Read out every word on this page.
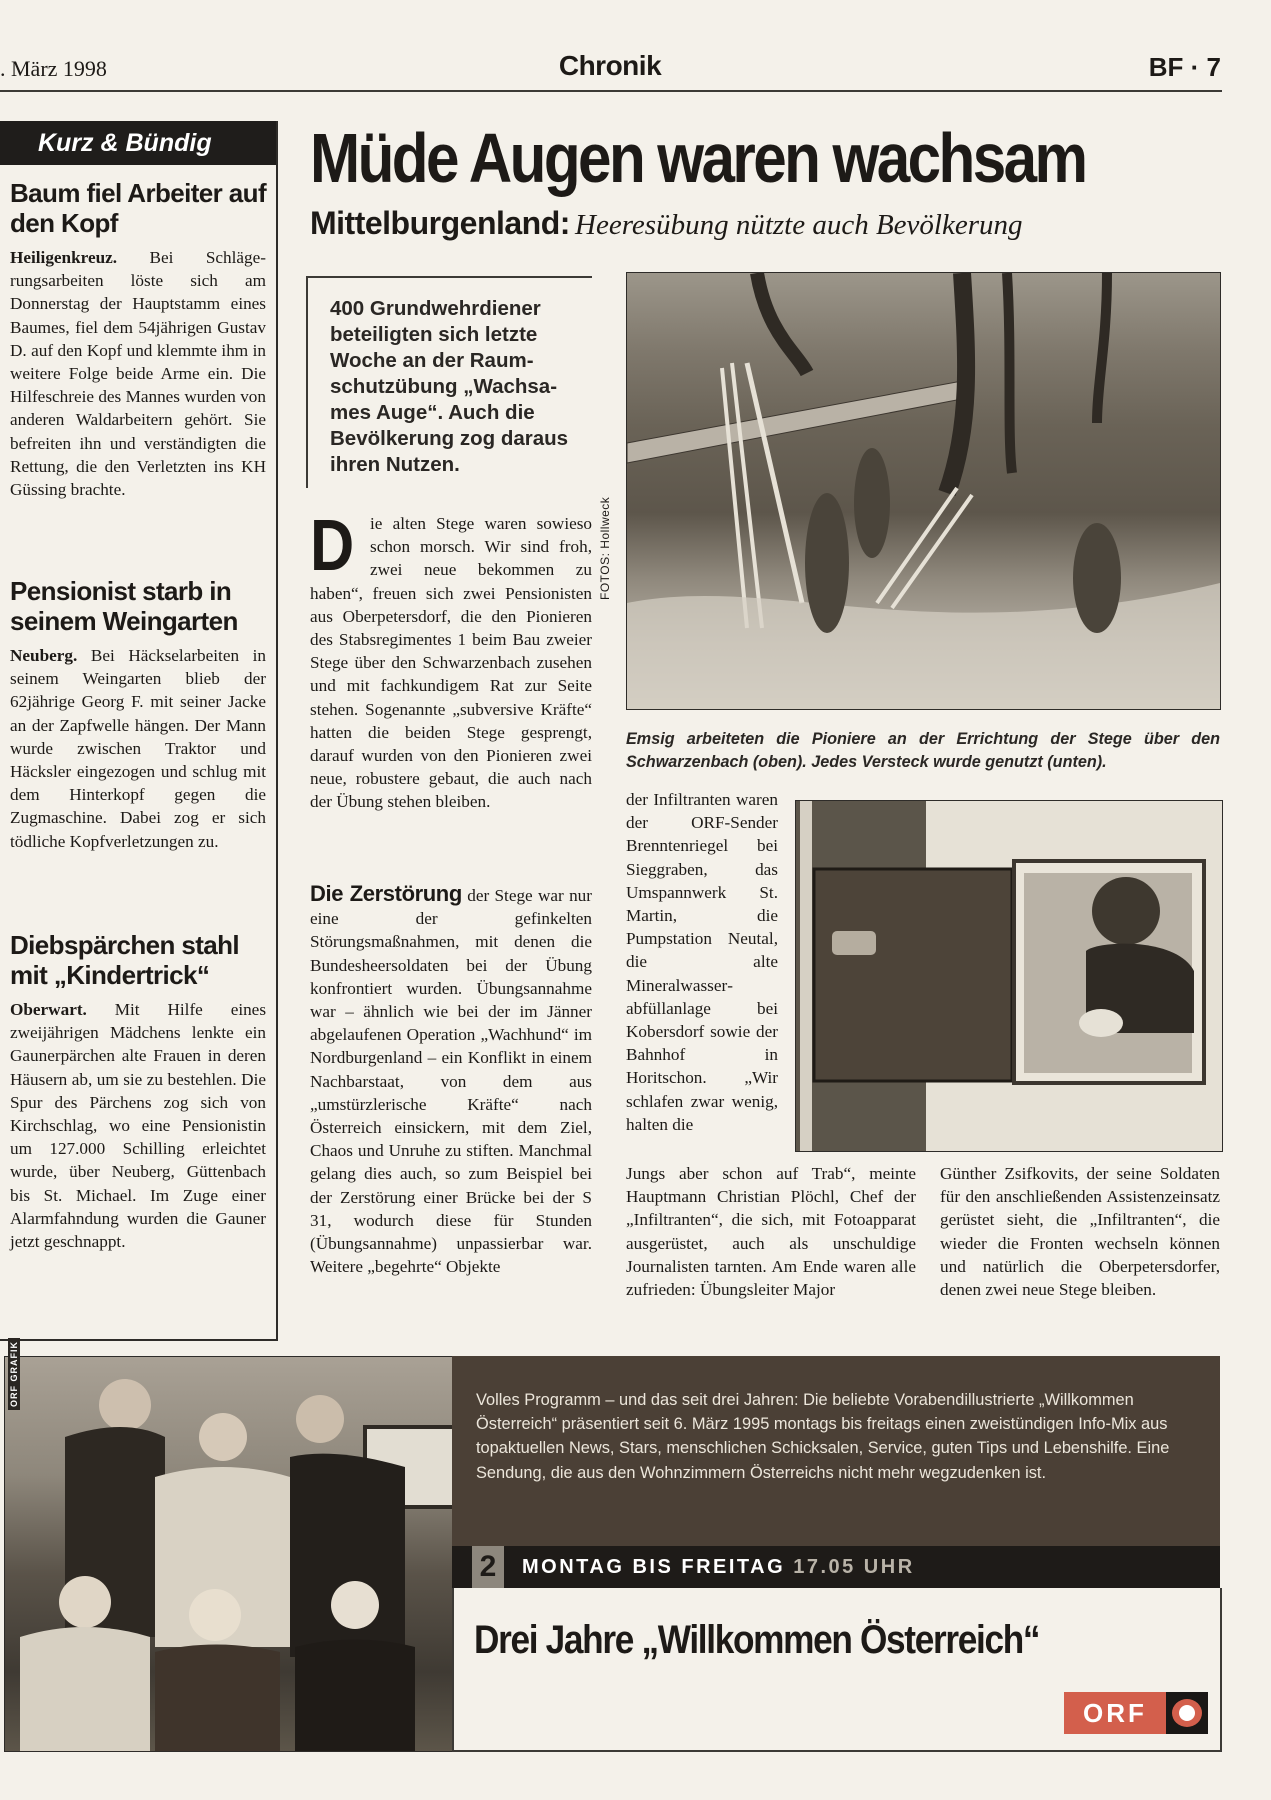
. März 1998	Chronik	BF · 7
Kurz & Bündig
Baum fiel Arbeiter auf den Kopf

Heiligenkreuz. Bei Schlägerungsarbeiten löste sich am Donnerstag der Hauptstamm eines Baumes, fiel dem 54jährigen Gustav D. auf den Kopf und klemmte ihm in weitere Folge beide Arme ein. Die Hilfeschreie des Mannes wurden von anderen Waldarbeitern gehört. Sie befreiten ihn und verständigten die Rettung, die den Verletzten ins KH Güssing brachte.

Pensionist starb in seinem Weingarten

Neuberg. Bei Häckselarbeiten in seinem Weingarten blieb der 62jährige Georg F. mit seiner Jacke an der Zapfwelle hängen. Der Mann wurde zwischen Traktor und Häcksler eingezogen und schlug mit dem Hinterkopf gegen die Zugmaschine. Dabei zog er sich tödliche Kopfverletzungen zu.

Diebspärchen stahl mit „Kindertrick“

Oberwart. Mit Hilfe eines zweijährigen Mädchens lenkte ein Gaunerpärchen alte Frauen in deren Häusern ab, um sie zu bestehlen. Die Spur des Pärchens zog sich von Kirchschlag, wo eine Pensionistin um 127.000 Schilling erleichtet wurde, über Neuberg, Güttenbach bis St. Michael. Im Zuge einer Alarmfahndung wurden die Gauner jetzt geschnappt.

Müde Augen waren wachsam
Mittelburgenland: Heeresübung nützte auch Bevölkerung
400 Grundwehrdiener beteiligten sich letzte Woche an der Raumschutzübung „Wachsames Auge“. Auch die Bevölkerung zog daraus ihren Nutzen.

Die alten Stege waren sowieso schon morsch. Wir sind froh, zwei neue bekommen zu haben“, freuen sich zwei Pensionisten aus Oberpetersdorf, die den Pionieren des Stabsregimentes 1 beim Bau zweier Stege über den Schwarzenbach zusehen und mit fachkundigem Rat zur Seite stehen. Sogenannte „subversive Kräfte“ hatten die beiden Stege gesprengt, darauf wurden von den Pionieren zwei neue, robustere gebaut, die auch nach der Übung stehen bleiben.

Die Zerstörung der Stege war nur eine der gefinkelten Störungsmaßnahmen, mit denen die Bundesheersoldaten bei der Übung konfrontiert wurden. Übungsannahme war – ähnlich wie bei der im Jänner abgelaufenen Operation „Wachhund“ im Nordburgenland – ein Konflikt in einem Nachbarstaat, von dem aus „umstürzlerische Kräfte“ nach Österreich einsickern, mit dem Ziel, Chaos und Unruhe zu stiften. Manchmal gelang dies auch, so zum Beispiel bei der Zerstörung einer Brücke bei der S 31, wodurch diese für Stunden (Übungsannahme) unpassierbar war. Weitere „begehrte“ Objekte

FOTOS: Hollweck
Emsig arbeiteten die Pioniere an der Errichtung der Stege über den Schwarzenbach (oben). Jedes Versteck wurde genutzt (unten).

der Infiltranten waren der ORF-Sender Brenntenriegel bei Sieggraben, das Umspannwerk St. Martin, die Pumpstation Neutal, die alte Mineralwasserabfüllanlage bei Kobersdorf sowie der Bahnhof in Horitschon. „Wir schlafen zwar wenig, halten die

Jungs aber schon auf Trab“, meinte Hauptmann Christian Plöchl, Chef der „Infiltranten“, die sich, mit Fotoapparat ausgerüstet, auch als unschuldige Journalisten tarnten. Am Ende waren alle zufrieden: Übungsleiter Major

Günther Zsifkovits, der seine Soldaten für den anschließenden Assistenzeinsatz gerüstet sieht, die „Infiltranten“, die wieder die Fronten wechseln können und natürlich die Oberpetersdorfer, denen zwei neue Stege bleiben.

ORF GRAFIK	Volles Programm – und das seit drei Jahren: Die beliebte Vorabendillustrierte „Willkommen Österreich“ präsentiert seit 6. März 1995 montags bis freitags einen zweistündigen Info-Mix aus topaktuellen News, Stars, menschlichen Schicksalen, Service, guten Tips und Lebenshilfe. Eine Sendung, die aus den Wohnzimmern Österreichs nicht mehr wegzudenken ist.
2	MONTAG BIS FREITAG 17.05 UHR
Drei Jahre „Willkommen Österreich“
ORF
